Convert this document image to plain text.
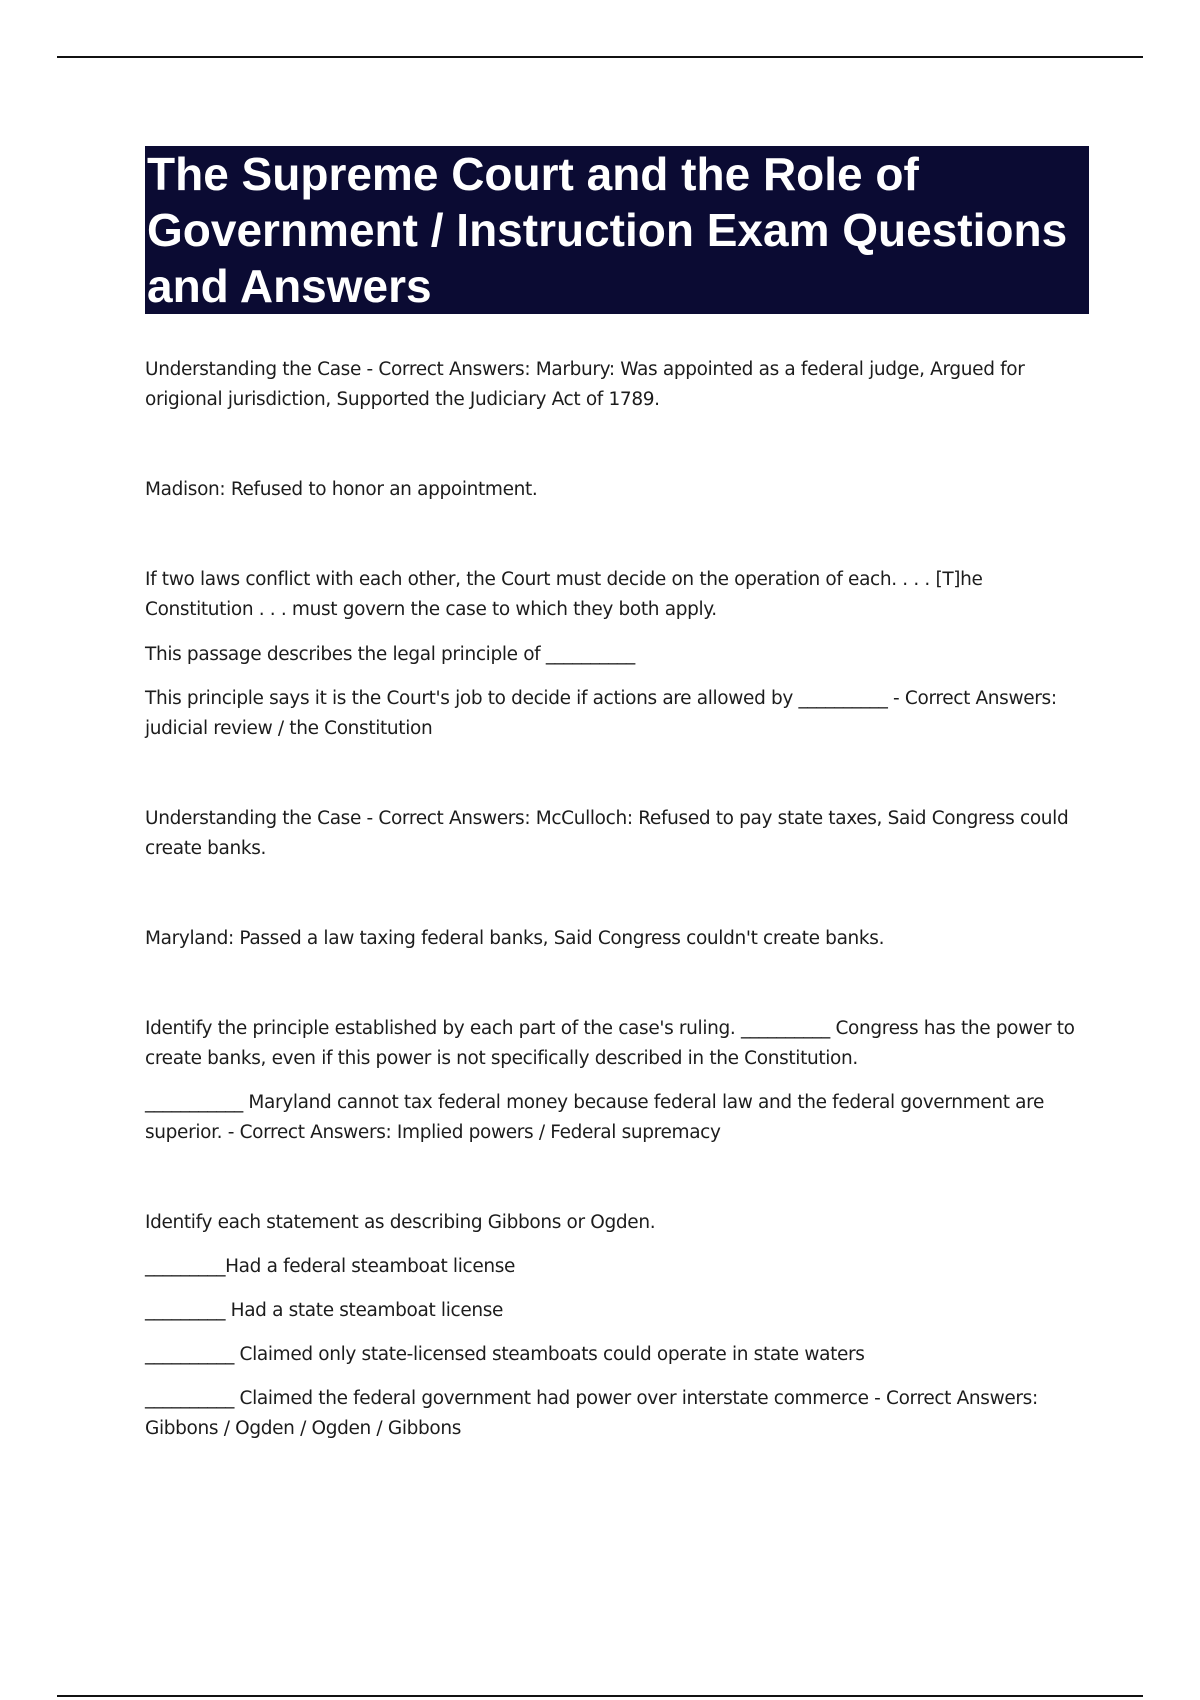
The Supreme Court and the Role of Government / Instruction Exam Questions and Answers

Understanding the Case - Correct Answers: Marbury: Was appointed as a federal judge, Argued for origional jurisdiction, Supported the Judiciary Act of 1789.

Madison: Refused to honor an appointment.

If two laws conflict with each other, the Court must decide on the operation of each. . . . [T]he Constitution . . . must govern the case to which they both apply.

This passage describes the legal principle of __________

This principle says it is the Court's job to decide if actions are allowed by __________ - Correct Answers: judicial review / the Constitution

Understanding the Case - Correct Answers: McCulloch: Refused to pay state taxes, Said Congress could create banks.

Maryland: Passed a law taxing federal banks, Said Congress couldn't create banks.

Identify the principle established by each part of the case's ruling. __________ Congress has the power to create banks, even if this power is not specifically described in the Constitution.

___________ Maryland cannot tax federal money because federal law and the federal government are superior. - Correct Answers: Implied powers / Federal supremacy

Identify each statement as describing Gibbons or Ogden.

_________Had a federal steamboat license

_________ Had a state steamboat license

__________ Claimed only state-licensed steamboats could operate in state waters

__________ Claimed the federal government had power over interstate commerce - Correct Answers: Gibbons / Ogden / Ogden / Gibbons
